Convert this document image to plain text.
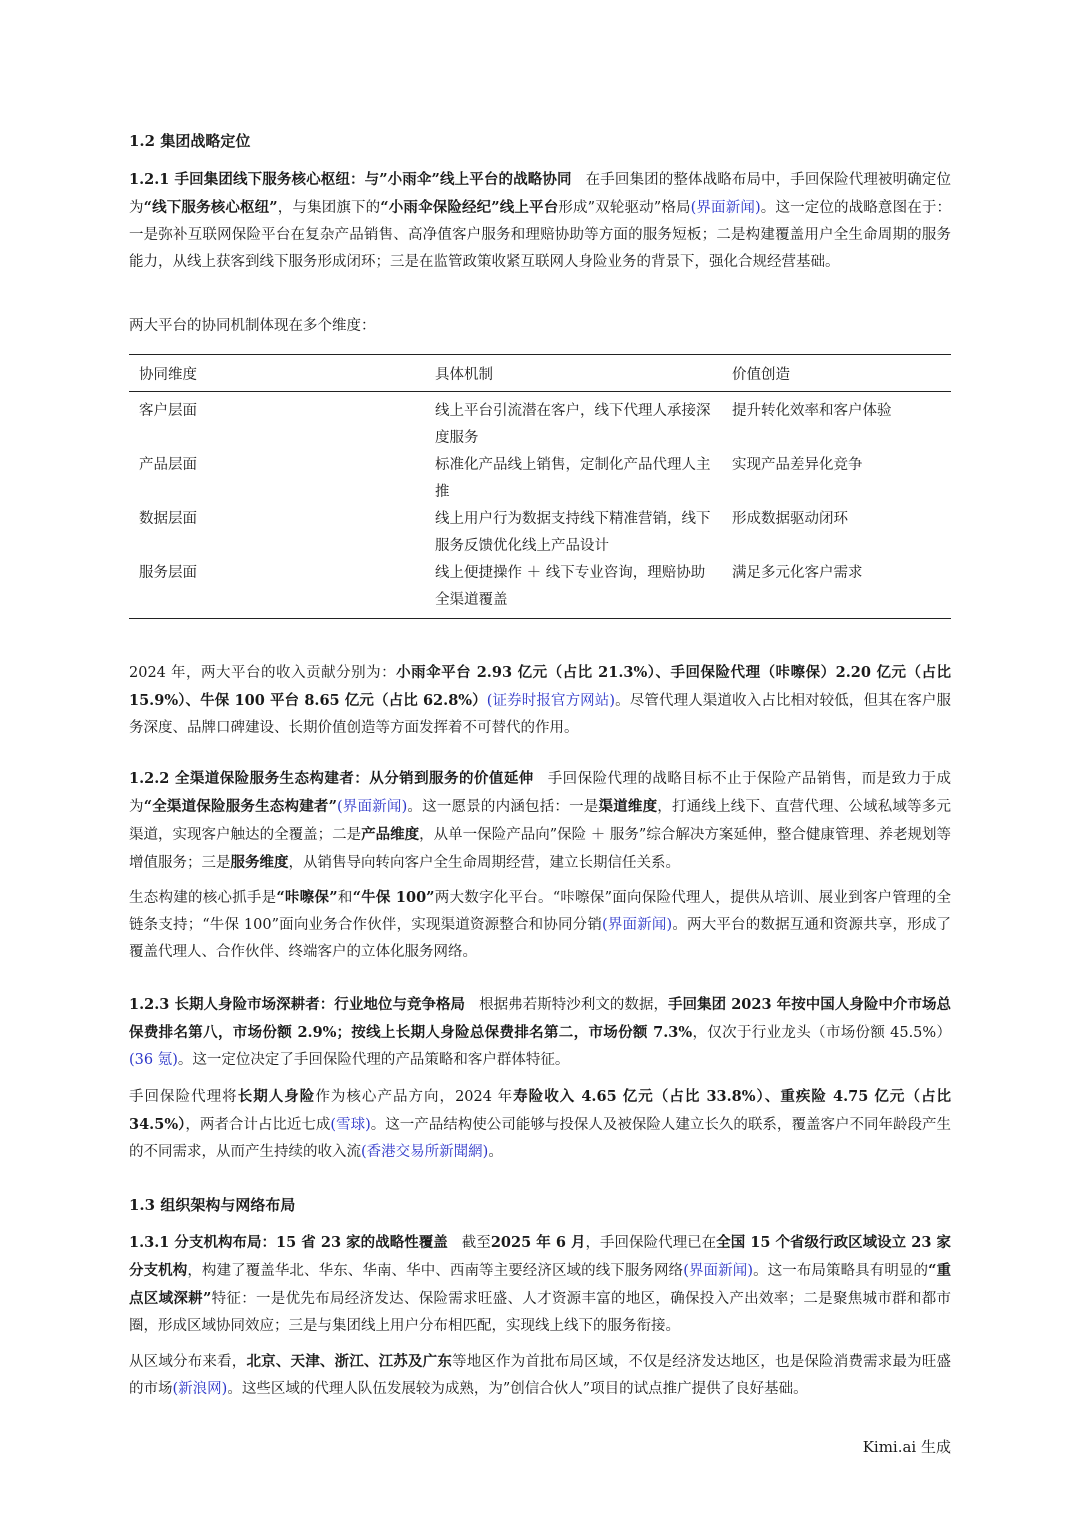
1.2 集团战略定位

1.2.1 手回集团线下服务核心枢纽：与”小雨伞”线上平台的战略协同 在手回集团的整体战略布局中，手回保险代理被明确定位为“线下服务核心枢纽”，与集团旗下的“小雨伞保险经纪”线上平台形成”双轮驱动”格局(界面新闻)。这一定位的战略意图在于：一是弥补互联网保险平台在复杂产品销售、高净值客户服务和理赔协助等方面的服务短板；二是构建覆盖用户全生命周期的服务能力，从线上获客到线下服务形成闭环；三是在监管政策收紧互联网人身险业务的背景下，强化合规经营基础。

两大平台的协同机制体现在多个维度：

协同维度	具体机制	价值创造
客户层面	线上平台引流潜在客户，线下代理人承接深度服务	提升转化效率和客户体验
产品层面	标准化产品线上销售，定制化产品代理人主推	实现产品差异化竞争
数据层面	线上用户行为数据支持线下精准营销，线下服务反馈优化线上产品设计	形成数据驱动闭环
服务层面	线上便捷操作 ＋ 线下专业咨询，理赔协助全渠道覆盖	满足多元化客户需求

2024 年，两大平台的收入贡献分别为：小雨伞平台 2.93 亿元（占比 21.3%）、手回保险代理（咔嚓保）2.20 亿元（占比 15.9%）、牛保 100 平台 8.65 亿元（占比 62.8%）(证券时报官方网站)。尽管代理人渠道收入占比相对较低，但其在客户服务深度、品牌口碑建设、长期价值创造等方面发挥着不可替代的作用。

1.2.2 全渠道保险服务生态构建者：从分销到服务的价值延伸 手回保险代理的战略目标不止于保险产品销售，而是致力于成为“全渠道保险服务生态构建者”(界面新闻)。这一愿景的内涵包括：一是渠道维度，打通线上线下、直营代理、公域私域等多元渠道，实现客户触达的全覆盖；二是产品维度，从单一保险产品向”保险 ＋ 服务”综合解决方案延伸，整合健康管理、养老规划等增值服务；三是服务维度，从销售导向转向客户全生命周期经营，建立长期信任关系。

生态构建的核心抓手是“咔嚓保”和“牛保 100”两大数字化平台。“咔嚓保”面向保险代理人，提供从培训、展业到客户管理的全链条支持；“牛保 100”面向业务合作伙伴，实现渠道资源整合和协同分销(界面新闻)。两大平台的数据互通和资源共享，形成了覆盖代理人、合作伙伴、终端客户的立体化服务网络。

1.2.3 长期人身险市场深耕者：行业地位与竞争格局 根据弗若斯特沙利文的数据，手回集团 2023 年按中国人身险中介市场总保费排名第八，市场份额 2.9%；按线上长期人身险总保费排名第二，市场份额 7.3%，仅次于行业龙头（市场份额 45.5%）(36 氪)。这一定位决定了手回保险代理的产品策略和客户群体特征。

手回保险代理将长期人身险作为核心产品方向，2024 年寿险收入 4.65 亿元（占比 33.8%）、重疾险 4.75 亿元（占比 34.5%），两者合计占比近七成(雪球)。这一产品结构使公司能够与投保人及被保险人建立长久的联系，覆盖客户不同年龄段产生的不同需求，从而产生持续的收入流(香港交易所新聞網)。

1.3 组织架构与网络布局

1.3.1 分支机构布局：15 省 23 家的战略性覆盖 截至2025 年 6 月，手回保险代理已在全国 15 个省级行政区域设立 23 家分支机构，构建了覆盖华北、华东、华南、华中、西南等主要经济区域的线下服务网络(界面新闻)。这一布局策略具有明显的“重点区域深耕”特征：一是优先布局经济发达、保险需求旺盛、人才资源丰富的地区，确保投入产出效率；二是聚焦城市群和都市圈，形成区域协同效应；三是与集团线上用户分布相匹配，实现线上线下的服务衔接。

从区域分布来看，北京、天津、浙江、江苏及广东等地区作为首批布局区域，不仅是经济发达地区，也是保险消费需求最为旺盛的市场(新浪网)。这些区域的代理人队伍发展较为成熟，为”创信合伙人”项目的试点推广提供了良好基础。

Kimi.ai 生成
